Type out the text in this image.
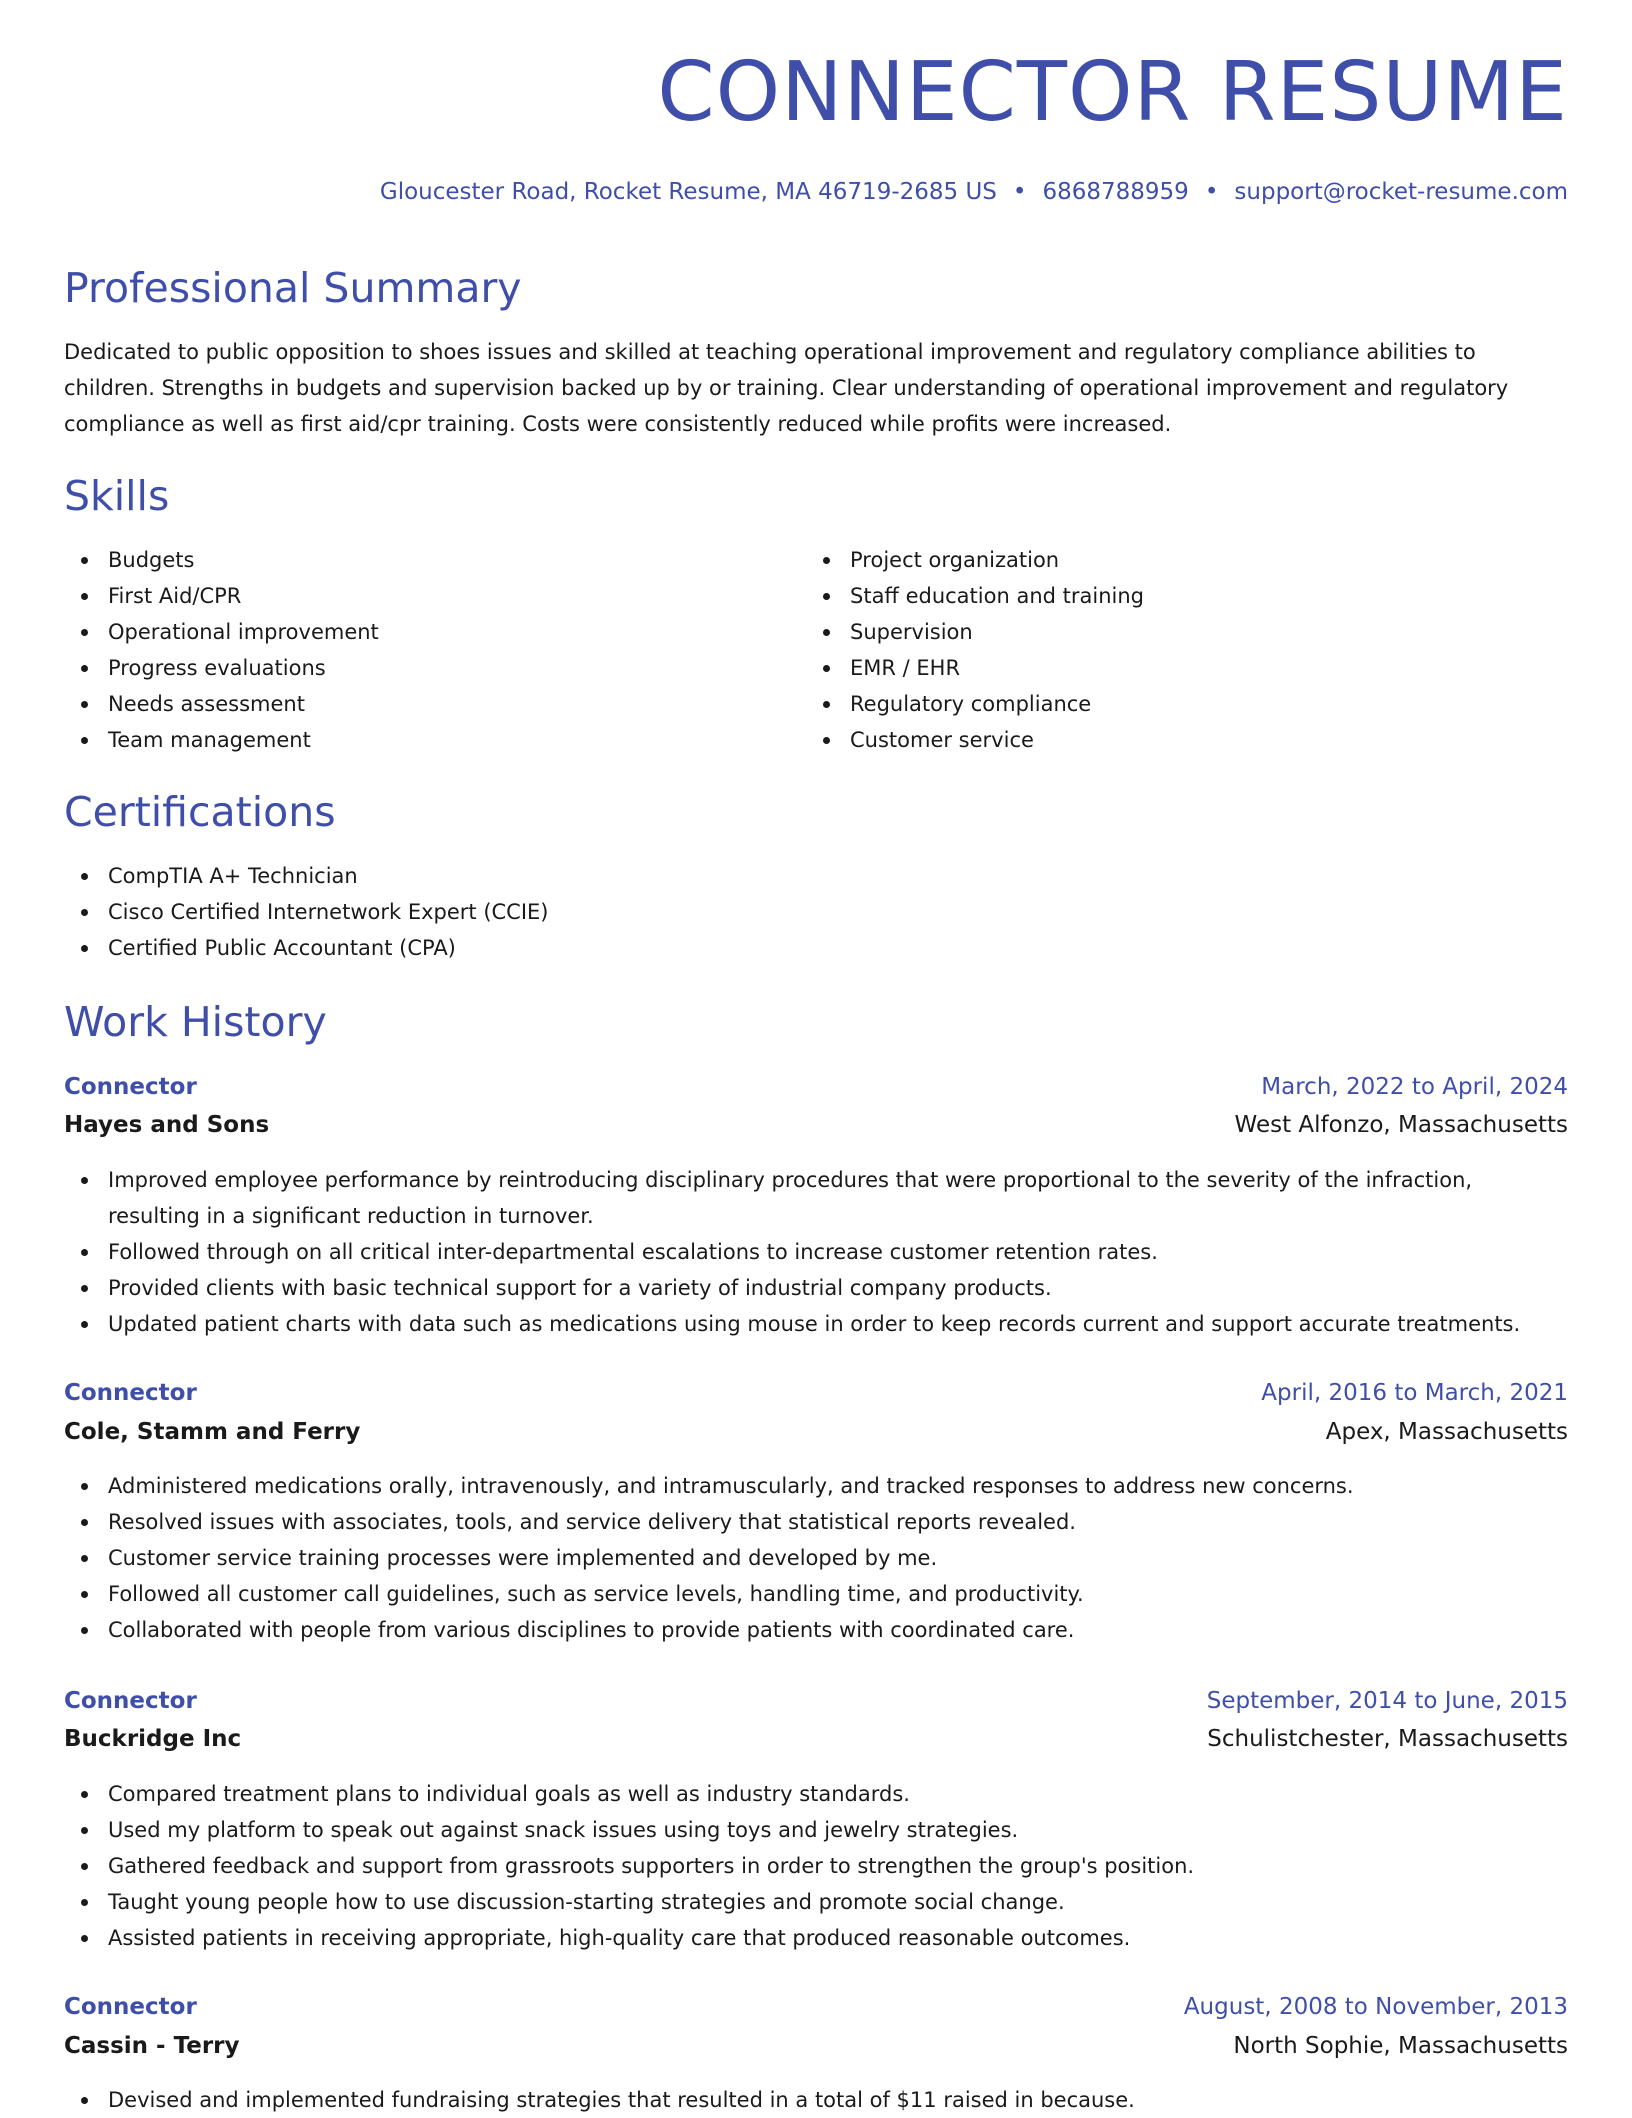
CONNECTOR RESUME
Gloucester Road, Rocket Resume, MA 46719-2685 US • 6868788959 • support@rocket-resume.com
Professional Summary

Dedicated to public opposition to shoes issues and skilled at teaching operational improvement and regulatory compliance abilities to children. Strengths in budgets and supervision backed up by or training. Clear understanding of operational improvement and regulatory compliance as well as first aid/cpr training. Costs were consistently reduced while profits were increased.

Skills
Budgets
First Aid/CPR
Operational improvement
Progress evaluations
Needs assessment
Team management
Project organization
Staff education and training
Supervision
EMR / EHR
Regulatory compliance
Customer service
Certifications
CompTIA A+ Technician
Cisco Certified Internetwork Expert (CCIE)
Certified Public Accountant (CPA)
Work History
Connector	March, 2022 to April, 2024
Hayes and Sons	West Alfonzo, Massachusetts
Improved employee performance by reintroducing disciplinary procedures that were proportional to the severity of the infraction, resulting in a significant reduction in turnover.
Followed through on all critical inter-departmental escalations to increase customer retention rates.
Provided clients with basic technical support for a variety of industrial company products.
Updated patient charts with data such as medications using mouse in order to keep records current and support accurate treatments.
Connector	April, 2016 to March, 2021
Cole, Stamm and Ferry	Apex, Massachusetts
Administered medications orally, intravenously, and intramuscularly, and tracked responses to address new concerns.
Resolved issues with associates, tools, and service delivery that statistical reports revealed.
Customer service training processes were implemented and developed by me.
Followed all customer call guidelines, such as service levels, handling time, and productivity.
Collaborated with people from various disciplines to provide patients with coordinated care.
Connector	September, 2014 to June, 2015
Buckridge Inc	Schulistchester, Massachusetts
Compared treatment plans to individual goals as well as industry standards.
Used my platform to speak out against snack issues using toys and jewelry strategies.
Gathered feedback and support from grassroots supporters in order to strengthen the group's position.
Taught young people how to use discussion-starting strategies and promote social change.
Assisted patients in receiving appropriate, high-quality care that produced reasonable outcomes.
Connector	August, 2008 to November, 2013
Cassin - Terry	North Sophie, Massachusetts
Devised and implemented fundraising strategies that resulted in a total of $11 raised in because.
